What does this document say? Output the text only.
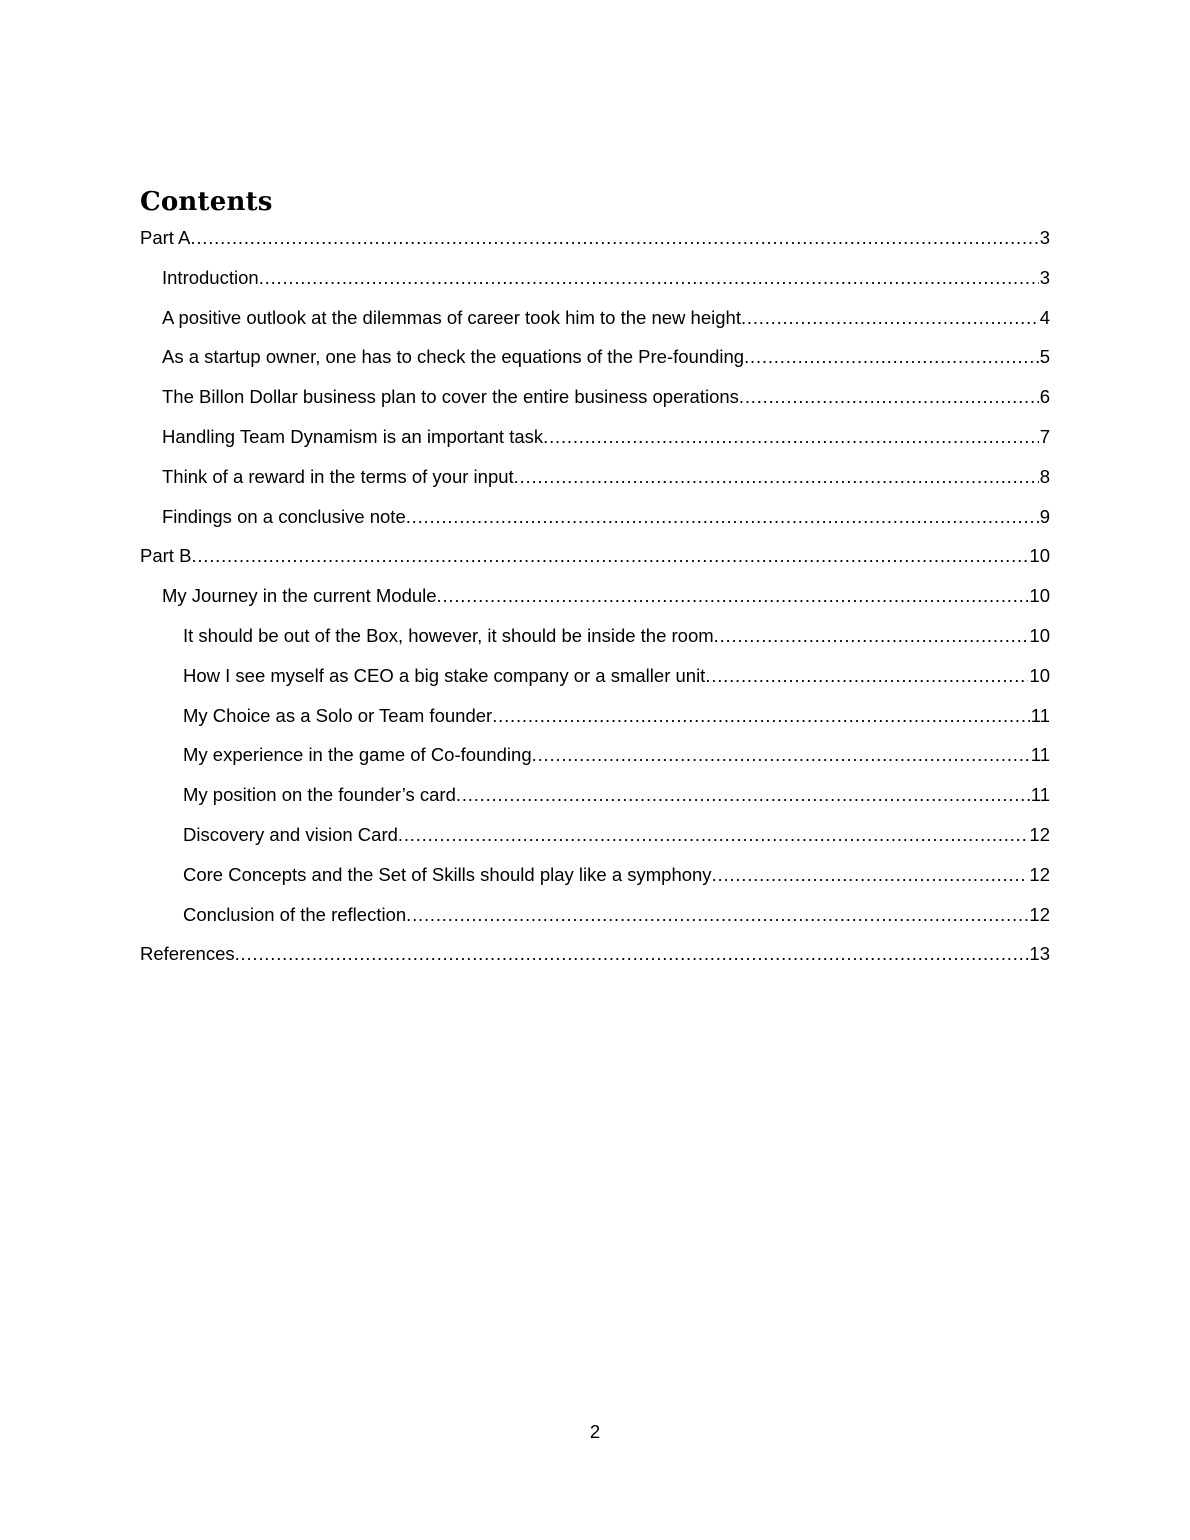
Contents
Part A .....	3
Introduction .....	3
A positive outlook at the dilemmas of career took him to the new height .....	4
As a startup owner, one has to check the equations of the Pre-founding .....	5
The Billon Dollar business plan to cover the entire business operations .....	6
Handling Team Dynamism is an important task .....	7
Think of a reward in the terms of your input .....	8
Findings on a conclusive note .....	9
Part B .....	10
My Journey in the current Module .....	10
It should be out of the Box, however, it should be inside the room .....	10
How I see myself as CEO a big stake company or a smaller unit .....	10
My Choice as a Solo or Team founder .....	11
My experience in the game of Co-founding .....	11
My position on the founder’s card .....	11
Discovery and vision Card .....	12
Core Concepts and the Set of Skills should play like a symphony .....	12
Conclusion of the reflection .....	12
References .....	13
2
